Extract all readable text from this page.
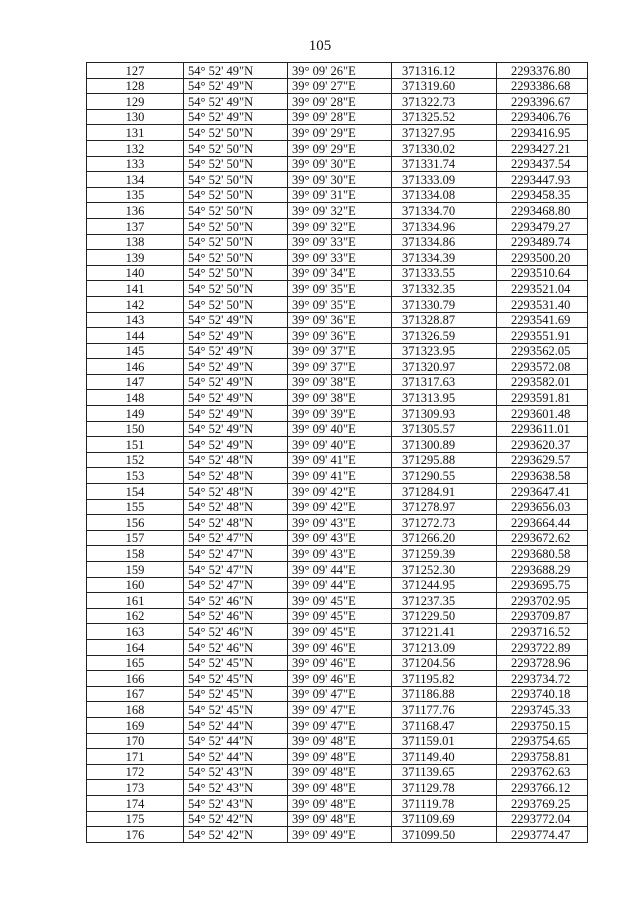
105
127	54° 52' 49"N	39° 09' 26"E	371316.12	2293376.80
128	54° 52' 49"N	39° 09' 27"E	371319.60	2293386.68
129	54° 52' 49"N	39° 09' 28"E	371322.73	2293396.67
130	54° 52' 49"N	39° 09' 28"E	371325.52	2293406.76
131	54° 52' 50"N	39° 09' 29"E	371327.95	2293416.95
132	54° 52' 50"N	39° 09' 29"E	371330.02	2293427.21
133	54° 52' 50"N	39° 09' 30"E	371331.74	2293437.54
134	54° 52' 50"N	39° 09' 30"E	371333.09	2293447.93
135	54° 52' 50"N	39° 09' 31"E	371334.08	2293458.35
136	54° 52' 50"N	39° 09' 32"E	371334.70	2293468.80
137	54° 52' 50"N	39° 09' 32"E	371334.96	2293479.27
138	54° 52' 50"N	39° 09' 33"E	371334.86	2293489.74
139	54° 52' 50"N	39° 09' 33"E	371334.39	2293500.20
140	54° 52' 50"N	39° 09' 34"E	371333.55	2293510.64
141	54° 52' 50"N	39° 09' 35"E	371332.35	2293521.04
142	54° 52' 50"N	39° 09' 35"E	371330.79	2293531.40
143	54° 52' 49"N	39° 09' 36"E	371328.87	2293541.69
144	54° 52' 49"N	39° 09' 36"E	371326.59	2293551.91
145	54° 52' 49"N	39° 09' 37"E	371323.95	2293562.05
146	54° 52' 49"N	39° 09' 37"E	371320.97	2293572.08
147	54° 52' 49"N	39° 09' 38"E	371317.63	2293582.01
148	54° 52' 49"N	39° 09' 38"E	371313.95	2293591.81
149	54° 52' 49"N	39° 09' 39"E	371309.93	2293601.48
150	54° 52' 49"N	39° 09' 40"E	371305.57	2293611.01
151	54° 52' 49"N	39° 09' 40"E	371300.89	2293620.37
152	54° 52' 48"N	39° 09' 41"E	371295.88	2293629.57
153	54° 52' 48"N	39° 09' 41"E	371290.55	2293638.58
154	54° 52' 48"N	39° 09' 42"E	371284.91	2293647.41
155	54° 52' 48"N	39° 09' 42"E	371278.97	2293656.03
156	54° 52' 48"N	39° 09' 43"E	371272.73	2293664.44
157	54° 52' 47"N	39° 09' 43"E	371266.20	2293672.62
158	54° 52' 47"N	39° 09' 43"E	371259.39	2293680.58
159	54° 52' 47"N	39° 09' 44"E	371252.30	2293688.29
160	54° 52' 47"N	39° 09' 44"E	371244.95	2293695.75
161	54° 52' 46"N	39° 09' 45"E	371237.35	2293702.95
162	54° 52' 46"N	39° 09' 45"E	371229.50	2293709.87
163	54° 52' 46"N	39° 09' 45"E	371221.41	2293716.52
164	54° 52' 46"N	39° 09' 46"E	371213.09	2293722.89
165	54° 52' 45"N	39° 09' 46"E	371204.56	2293728.96
166	54° 52' 45"N	39° 09' 46"E	371195.82	2293734.72
167	54° 52' 45"N	39° 09' 47"E	371186.88	2293740.18
168	54° 52' 45"N	39° 09' 47"E	371177.76	2293745.33
169	54° 52' 44"N	39° 09' 47"E	371168.47	2293750.15
170	54° 52' 44"N	39° 09' 48"E	371159.01	2293754.65
171	54° 52' 44"N	39° 09' 48"E	371149.40	2293758.81
172	54° 52' 43"N	39° 09' 48"E	371139.65	2293762.63
173	54° 52' 43"N	39° 09' 48"E	371129.78	2293766.12
174	54° 52' 43"N	39° 09' 48"E	371119.78	2293769.25
175	54° 52' 42"N	39° 09' 48"E	371109.69	2293772.04
176	54° 52' 42"N	39° 09' 49"E	371099.50	2293774.47
